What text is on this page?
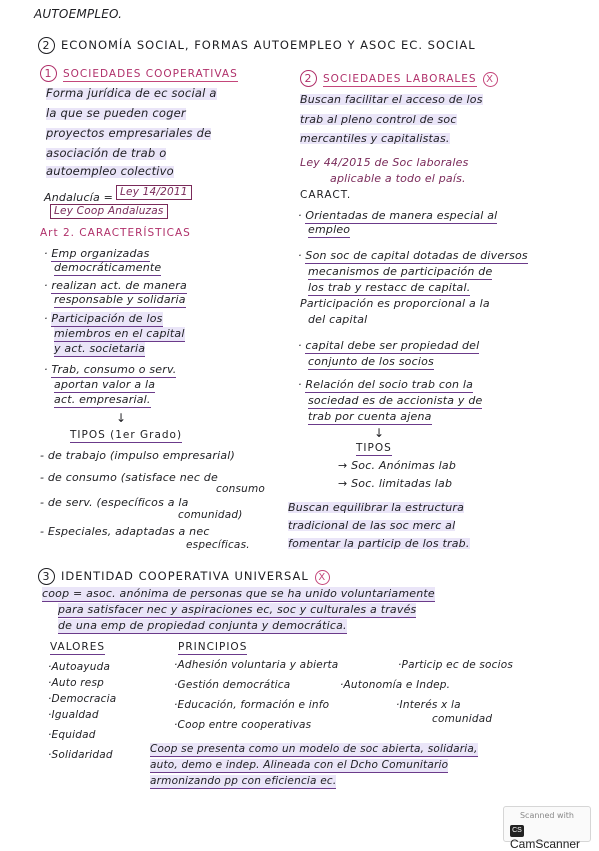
AUTOEMPLEO.
2 ECONOMÍA SOCIAL, FORMAS AUTOEMPLEO Y ASOC EC. SOCIAL
1 SOCIEDADES COOPERATIVAS
Forma jurídica de ec social a
la que se pueden coger
proyectos empresariales de
asociación de trab o
autoempleo colectivo
Andalucía = Ley 14/2011
Ley Coop Andaluzas
Art 2. CARACTERÍSTICAS
· Emp organizadas
democráticamente
· realizan act. de manera
responsable y solidaria
· Participación de los
miembros en el capital
y act. societaria
· Trab, consumo o serv.
aportan valor a la
act. empresarial.
↓
TIPOS (1er Grado)
- de trabajo (impulso empresarial)
- de consumo (satisface nec de
consumo
- de serv. (específicos a la
comunidad)
- Especiales, adaptadas a nec
específicas.
2 SOCIEDADES LABORALES X
Buscan facilitar el acceso de los
trab al pleno control de soc
mercantiles y capitalistas.
Ley 44/2015 de Soc laborales
aplicable a todo el país.
CARACT.
· Orientadas de manera especial al
empleo
· Son soc de capital dotadas de diversos
mecanismos de participación de
los trab y restacc de capital.
Participación es proporcional a la
del capital
· capital debe ser propiedad del
conjunto de los socios
· Relación del socio trab con la
sociedad es de accionista y de
trab por cuenta ajena
↓
TIPOS
→ Soc. Anónimas lab
→ Soc. limitadas lab
Buscan equilibrar la estructura
tradicional de las soc merc al
fomentar la particip de los trab.
3 IDENTIDAD COOPERATIVA UNIVERSAL X
coop = asoc. anónima de personas que se ha unido voluntariamente
para satisfacer nec y aspiraciones ec, soc y culturales a través
de una emp de propiedad conjunta y democrática.
VALORES
·Autoayuda
·Auto resp
·Democracia
·Igualdad
·Equidad
·Solidaridad
PRINCIPIOS
·Adhesión voluntaria y abierta
·Gestión democrática
·Educación, formación e info
·Coop entre cooperativas
·Particip ec de socios
·Autonomía e Indep.
·Interés x la
comunidad
Coop se presenta como un modelo de soc abierta, solidaria,
auto, demo e indep. Alineada con el Dcho Comunitario
armonizando pp con eficiencia ec.
Scanned with
CSCamScanner
